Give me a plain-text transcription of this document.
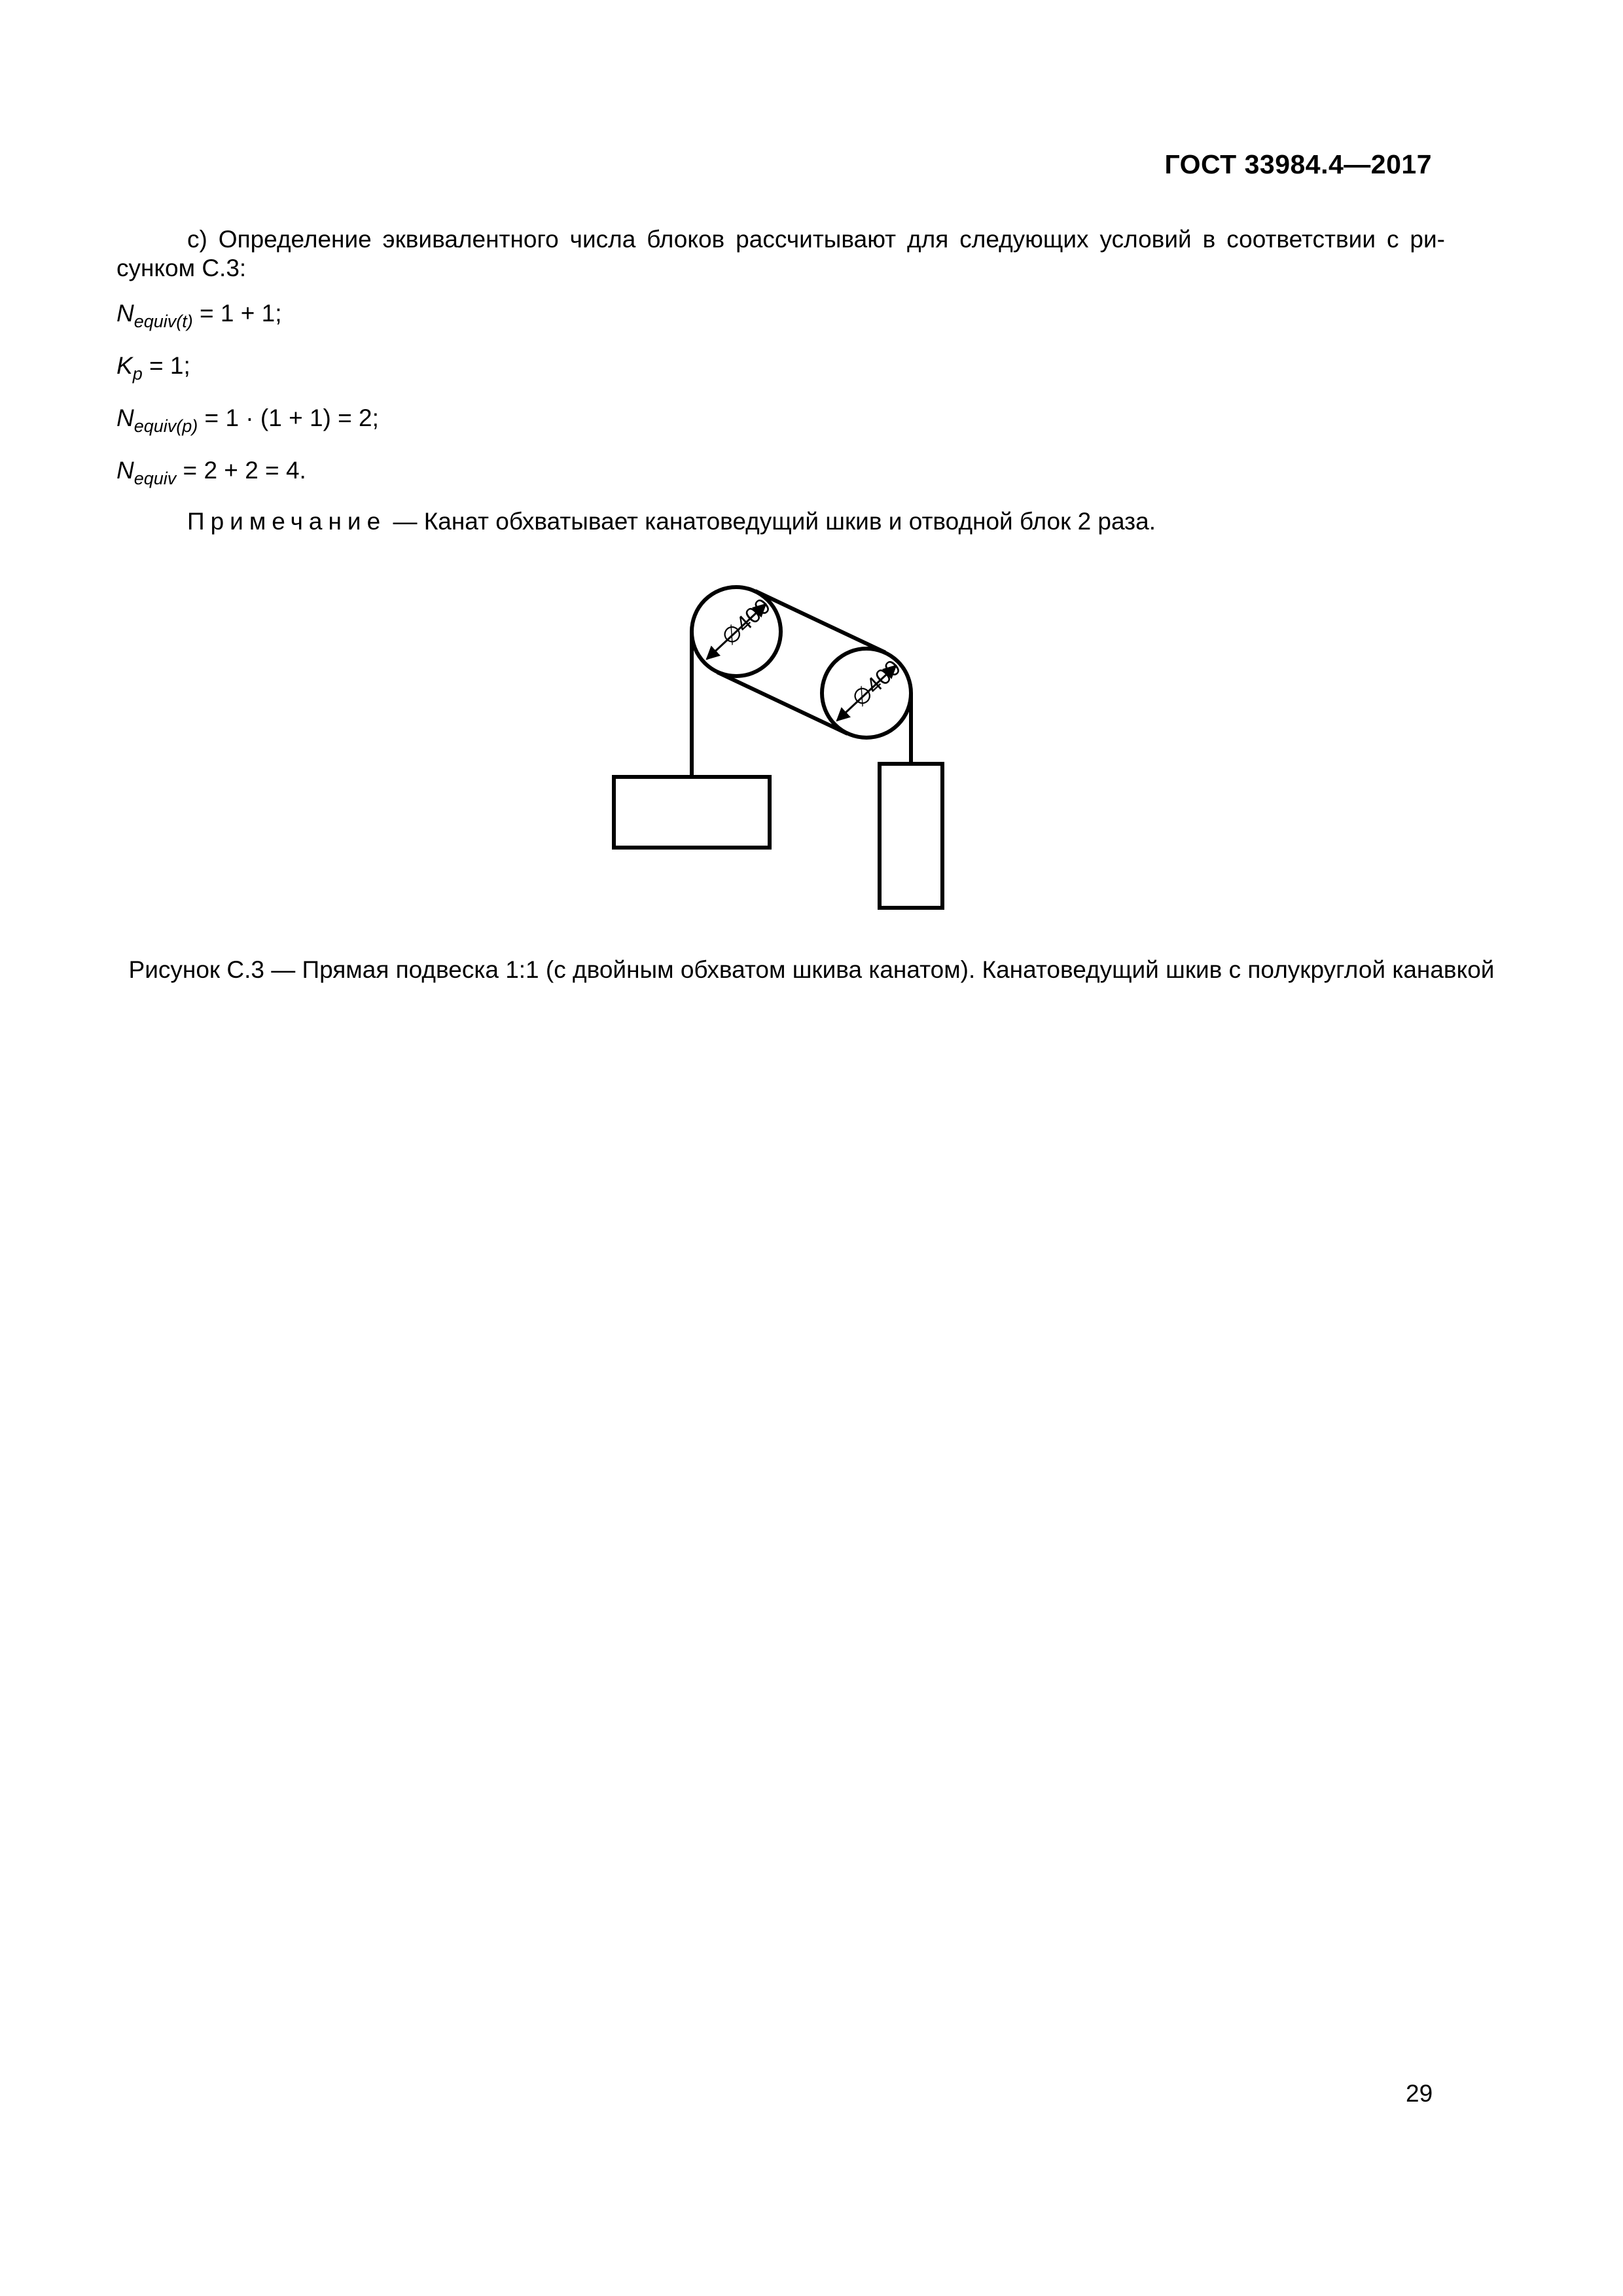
ГОСТ 33984.4—2017
с) Определение эквивалентного числа блоков рассчитывают для следующих условий в соответствии с ри-сунком С.3:
$N_{equiv(t)} = 1 + 1$;
$K_p = 1$;
$N_{equiv(p)} = 1 \cdot (1 + 1) = 2$;
$N_{equiv} = 2 + 2 = 4$.
Примечание — Канат обхватывает канатоведущий шкив и отводной блок 2 раза.
∅400
∅400
Рисунок С.3 — Прямая подвеска 1:1 (с двойным обхватом шкива канатом). Канатоведущий шкив с полукруглой канавкой
29
